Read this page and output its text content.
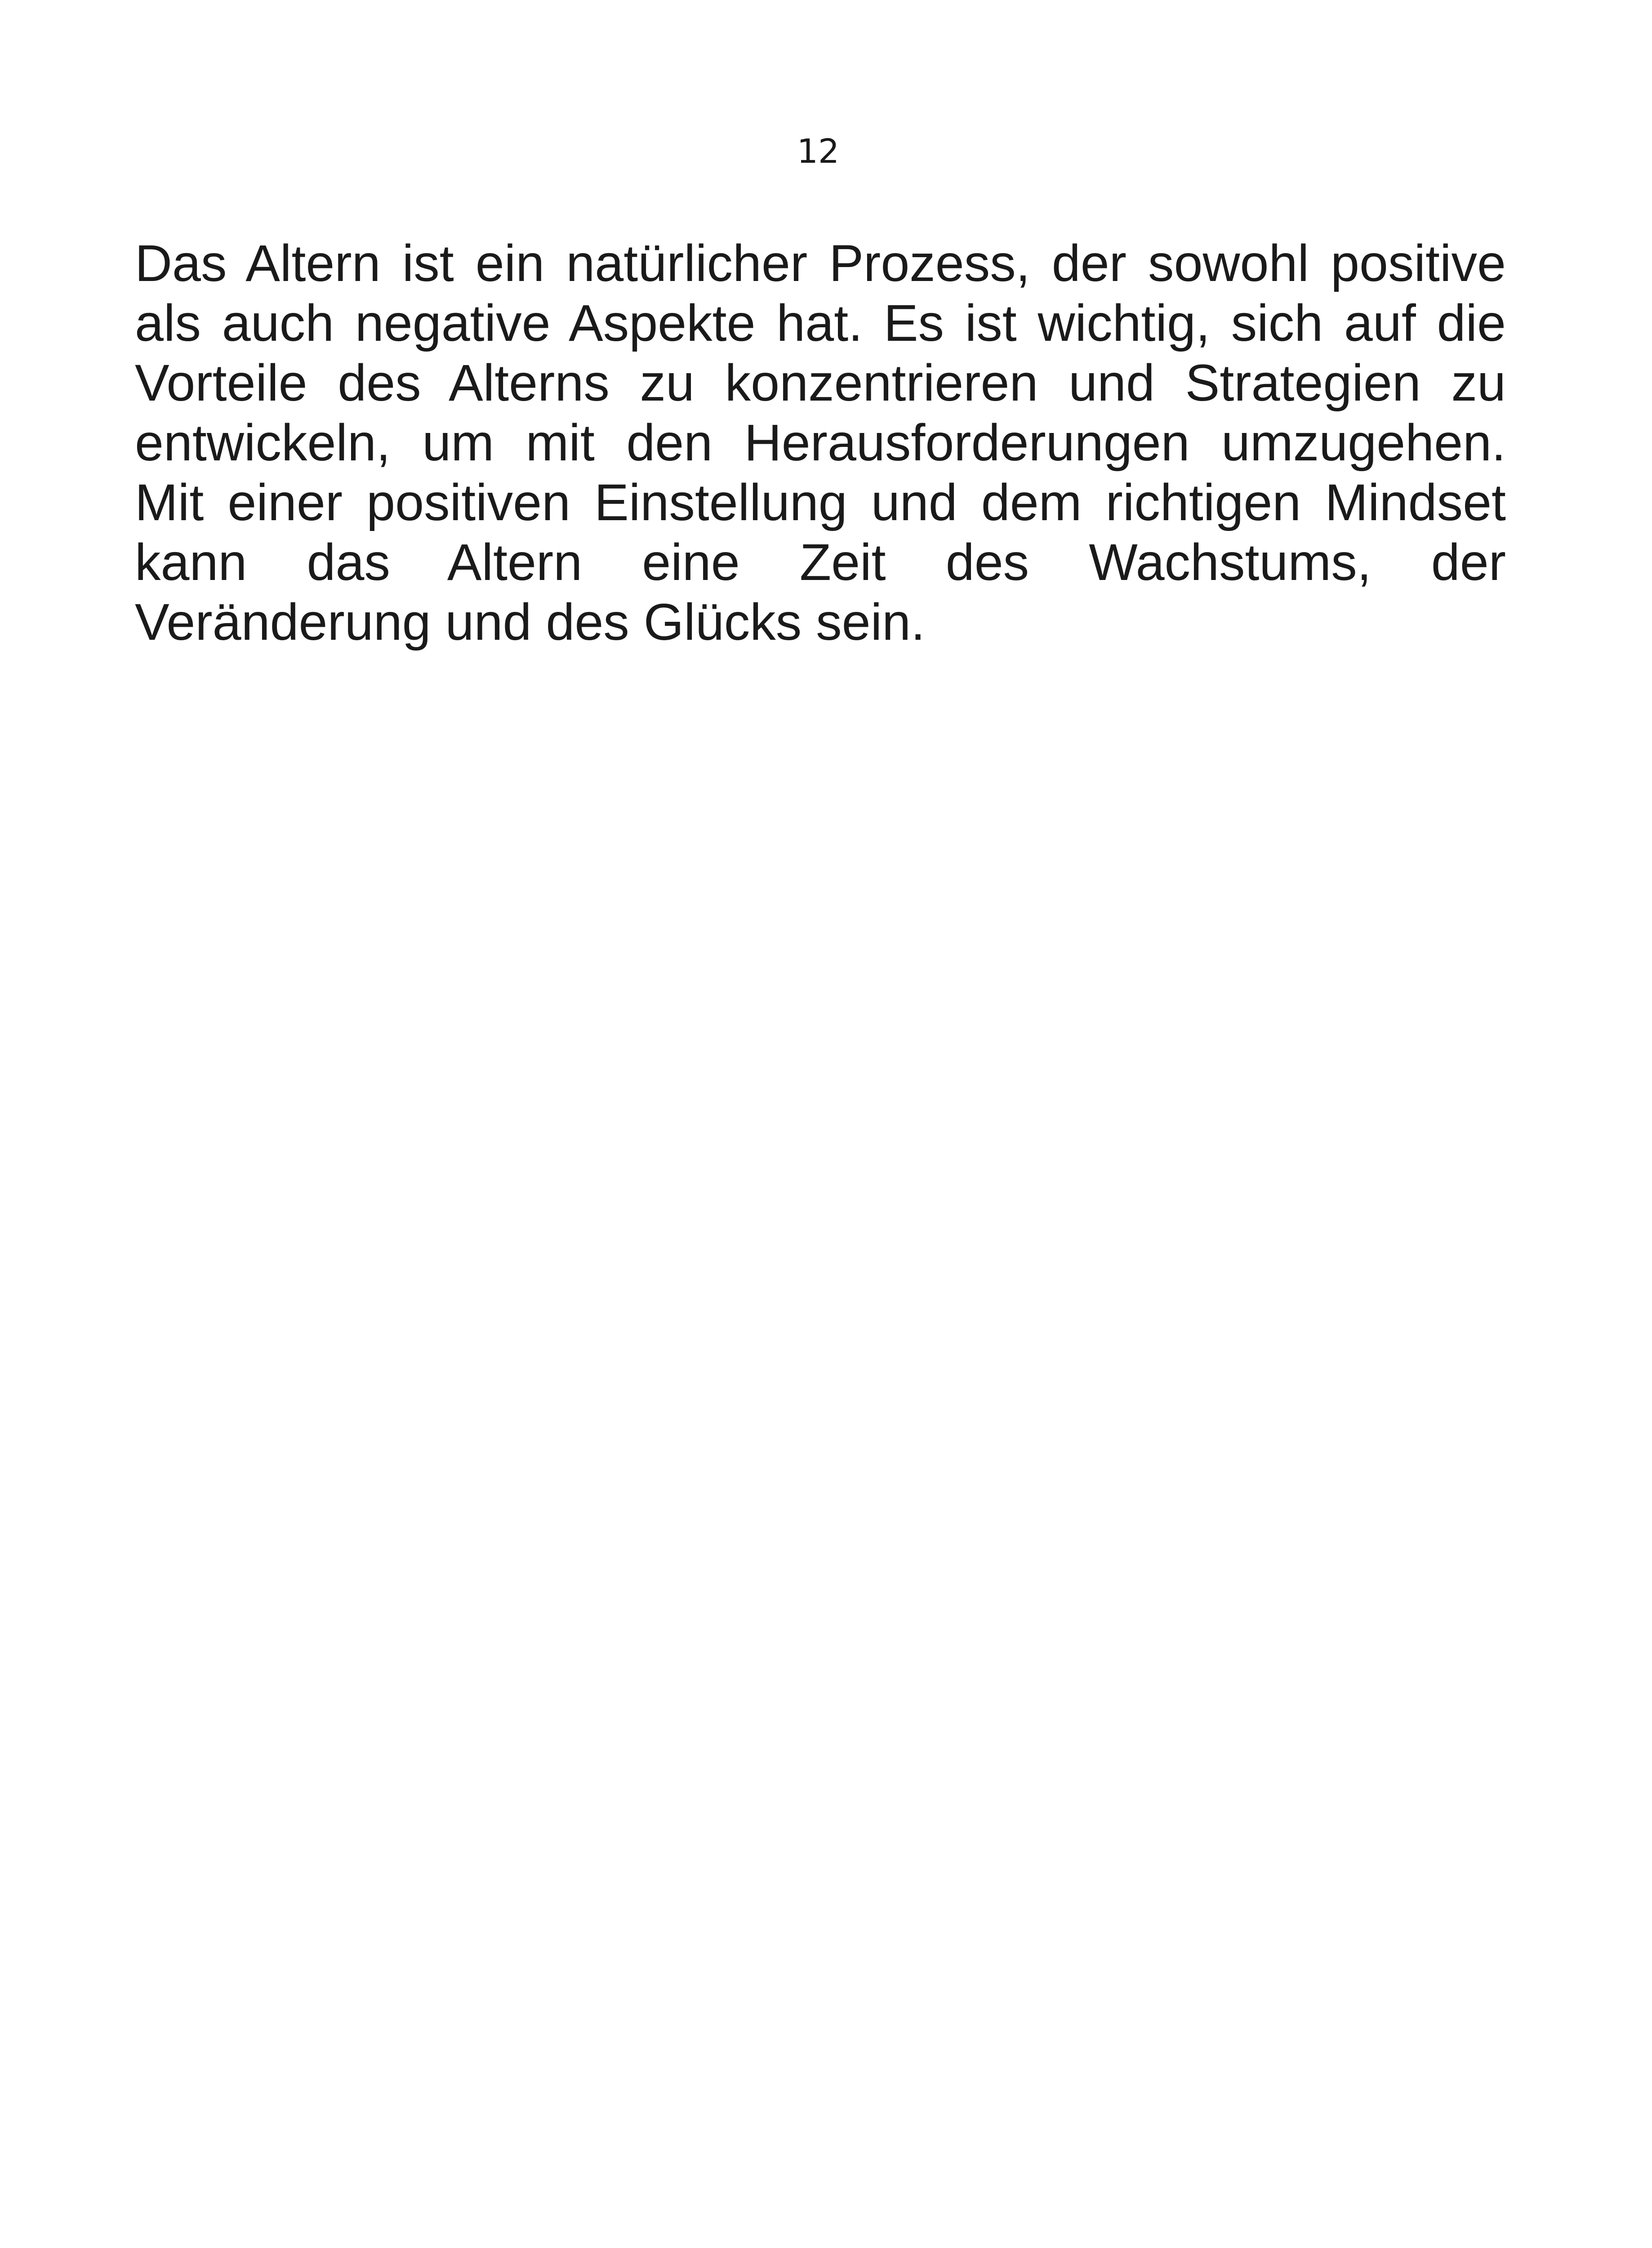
12

Das Altern ist ein natürlicher Prozess, der sowohl positive
als auch negative Aspekte hat. Es ist wichtig, sich auf die
Vorteile des Alterns zu konzentrieren und Strategien zu
entwickeln, um mit den Herausforderungen umzugehen.
Mit einer positiven Einstellung und dem richtigen Mindset
kann das Altern eine Zeit des Wachstums, der
Veränderung und des Glücks sein.
